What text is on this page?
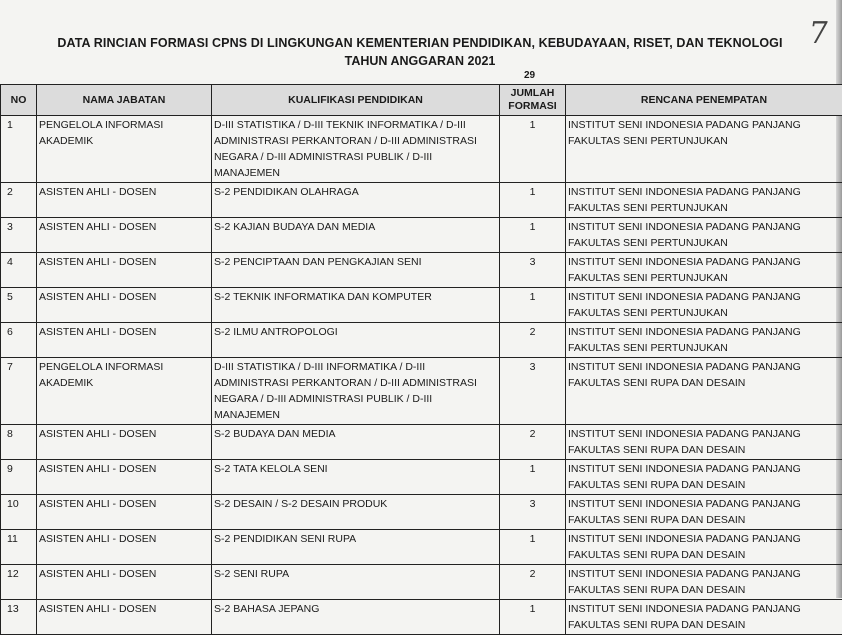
7
DATA RINCIAN FORMASI CPNS DI LINGKUNGAN KEMENTERIAN PENDIDIKAN, KEBUDAYAAN, RISET, DAN TEKNOLOGI
TAHUN ANGGARAN 2021
29
NO	NAMA JABATAN	KUALIFIKASI PENDIDIKAN	JUMLAH FORMASI	RENCANA PENEMPATAN
1	PENGELOLA INFORMASI AKADEMIK	D-III STATISTIKA / D-III TEKNIK INFORMATIKA / D-III ADMINISTRASI PERKANTORAN / D-III ADMINISTRASI NEGARA / D-III ADMINISTRASI PUBLIK / D-III MANAJEMEN	1	INSTITUT SENI INDONESIA PADANG PANJANG FAKULTAS SENI PERTUNJUKAN
2	ASISTEN AHLI - DOSEN	S-2 PENDIDIKAN OLAHRAGA	1	INSTITUT SENI INDONESIA PADANG PANJANG FAKULTAS SENI PERTUNJUKAN
3	ASISTEN AHLI - DOSEN	S-2 KAJIAN BUDAYA DAN MEDIA	1	INSTITUT SENI INDONESIA PADANG PANJANG FAKULTAS SENI PERTUNJUKAN
4	ASISTEN AHLI - DOSEN	S-2 PENCIPTAAN DAN PENGKAJIAN SENI	3	INSTITUT SENI INDONESIA PADANG PANJANG FAKULTAS SENI PERTUNJUKAN
5	ASISTEN AHLI - DOSEN	S-2 TEKNIK INFORMATIKA DAN KOMPUTER	1	INSTITUT SENI INDONESIA PADANG PANJANG FAKULTAS SENI PERTUNJUKAN
6	ASISTEN AHLI - DOSEN	S-2 ILMU ANTROPOLOGI	2	INSTITUT SENI INDONESIA PADANG PANJANG FAKULTAS SENI PERTUNJUKAN
7	PENGELOLA INFORMASI AKADEMIK	D-III STATISTIKA / D-III INFORMATIKA / D-III ADMINISTRASI PERKANTORAN / D-III ADMINISTRASI NEGARA / D-III ADMINISTRASI PUBLIK / D-III MANAJEMEN	3	INSTITUT SENI INDONESIA PADANG PANJANG FAKULTAS SENI RUPA DAN DESAIN
8	ASISTEN AHLI - DOSEN	S-2 BUDAYA DAN MEDIA	2	INSTITUT SENI INDONESIA PADANG PANJANG FAKULTAS SENI RUPA DAN DESAIN
9	ASISTEN AHLI - DOSEN	S-2 TATA KELOLA SENI	1	INSTITUT SENI INDONESIA PADANG PANJANG FAKULTAS SENI RUPA DAN DESAIN
10	ASISTEN AHLI - DOSEN	S-2 DESAIN / S-2 DESAIN PRODUK	3	INSTITUT SENI INDONESIA PADANG PANJANG FAKULTAS SENI RUPA DAN DESAIN
11	ASISTEN AHLI - DOSEN	S-2 PENDIDIKAN SENI RUPA	1	INSTITUT SENI INDONESIA PADANG PANJANG FAKULTAS SENI RUPA DAN DESAIN
12	ASISTEN AHLI - DOSEN	S-2 SENI RUPA	2	INSTITUT SENI INDONESIA PADANG PANJANG FAKULTAS SENI RUPA DAN DESAIN
13	ASISTEN AHLI - DOSEN	S-2 BAHASA JEPANG	1	INSTITUT SENI INDONESIA PADANG PANJANG FAKULTAS SENI RUPA DAN DESAIN
